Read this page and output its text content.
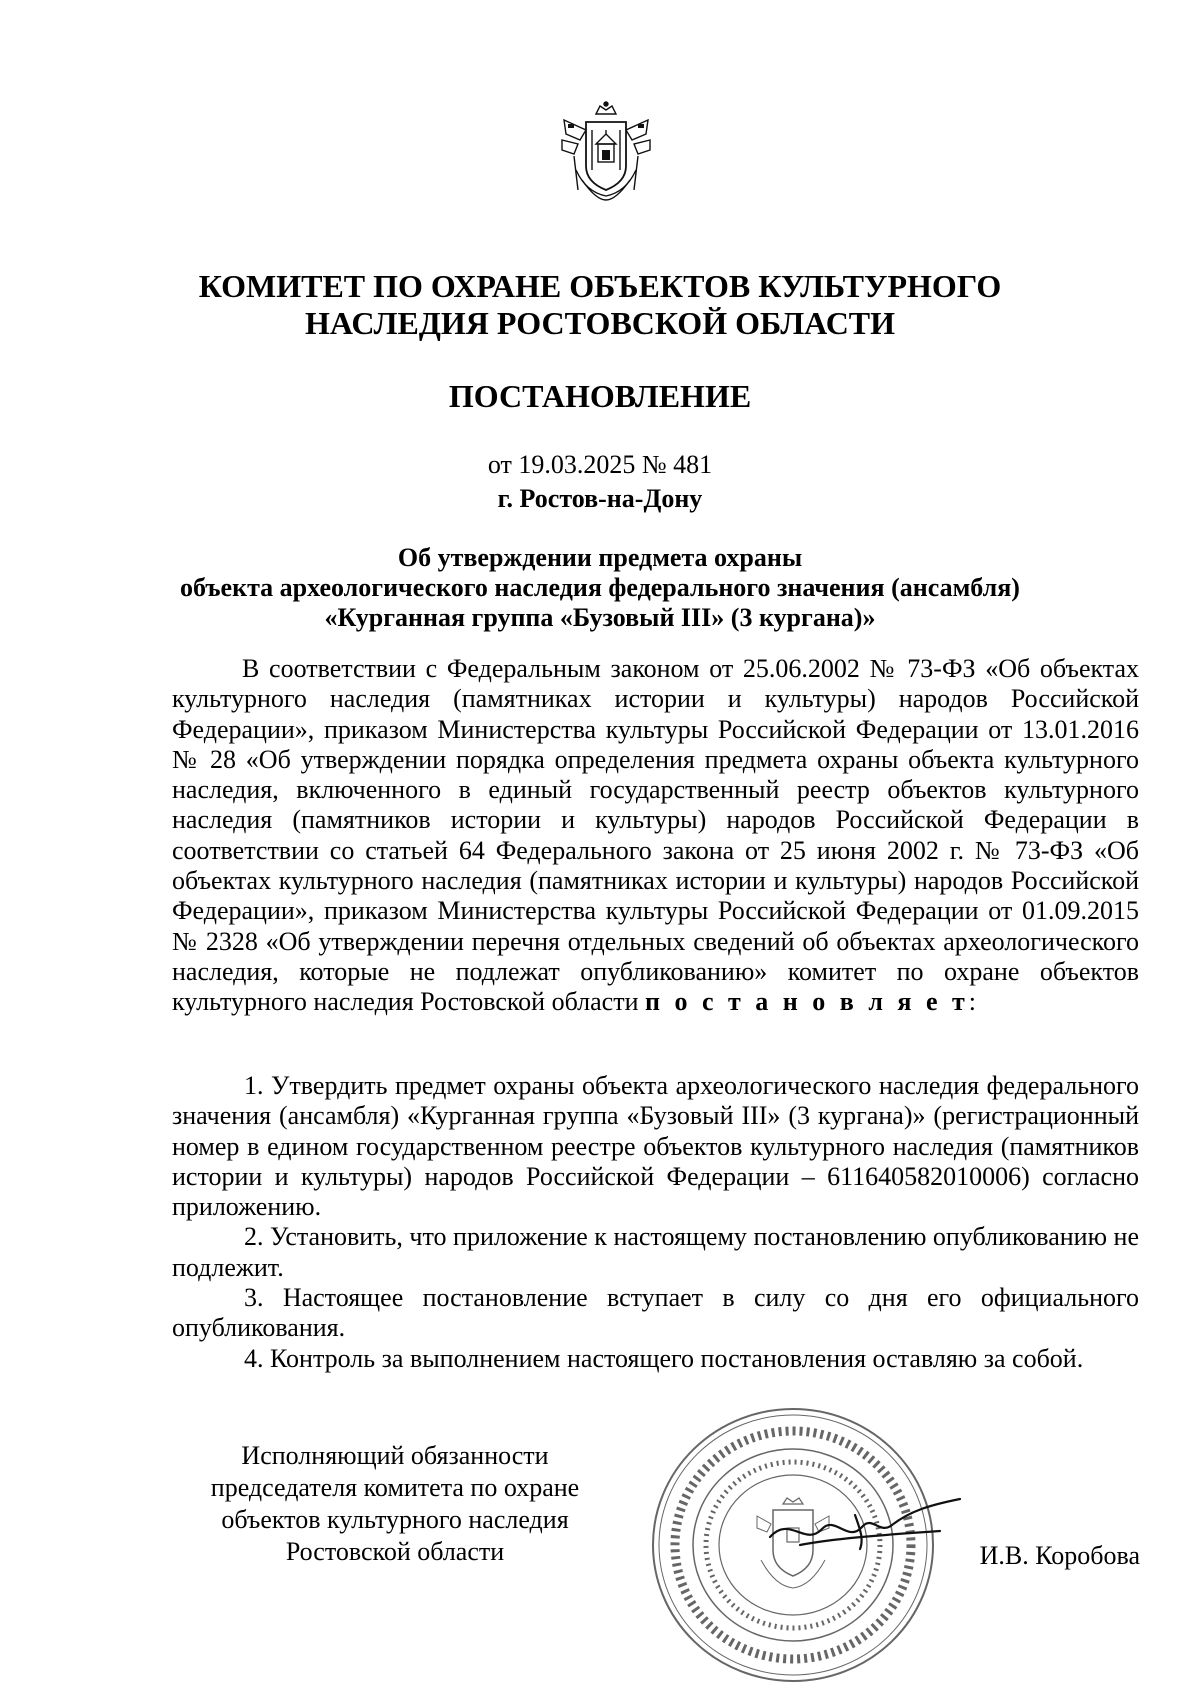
КОМИТЕТ ПО ОХРАНЕ ОБЪЕКТОВ КУЛЬТУРНОГО
НАСЛЕДИЯ РОСТОВСКОЙ ОБЛАСТИ
ПОСТАНОВЛЕНИЕ
от 19.03.2025 № 481
г. Ростов-на-Дону
Об утверждении предмета охраны
объекта археологического наследия федерального значения (ансамбля)
«Курганная группа «Бузовый III» (3 кургана)»

В соответствии с Федеральным законом от 25.06.2002 № 73-ФЗ «Об объектах культурного наследия (памятниках истории и культуры) народов Российской Федерации», приказом Министерства культуры Российской Федерации от 13.01.2016 № 28 «Об утверждении порядка определения предмета охраны объекта культурного наследия, включенного в единый государственный реестр объектов культурного наследия (памятников истории и культуры) народов Российской Федерации в соответствии со статьей 64 Федерального закона от 25 июня 2002 г. № 73-ФЗ «Об объектах культурного наследия (памятниках истории и культуры) народов Российской Федерации», приказом Министерства культуры Российской Федерации от 01.09.2015 № 2328 «Об утверждении перечня отдельных сведений об объектах археологического наследия, которые не подлежат опубликованию» комитет по охране объектов культурного наследия Ростовской области п о с т а н о в л я е т:

1. Утвердить предмет охраны объекта археологического наследия федерального значения (ансамбля) «Курганная группа «Бузовый III» (3 кургана)» (регистрационный номер в едином государственном реестре объектов культурного наследия (памятников истории и культуры) народов Российской Федерации – 611640582010006) согласно приложению.

2. Установить, что приложение к настоящему постановлению опубликованию не подлежит.

3. Настоящее постановление вступает в силу со дня его официального опубликования.

4. Контроль за выполнением настоящего постановления оставляю за собой.

Исполняющий обязанности
председателя комитета по охране
объектов культурного наследия
Ростовской области	И.В. Коробова
